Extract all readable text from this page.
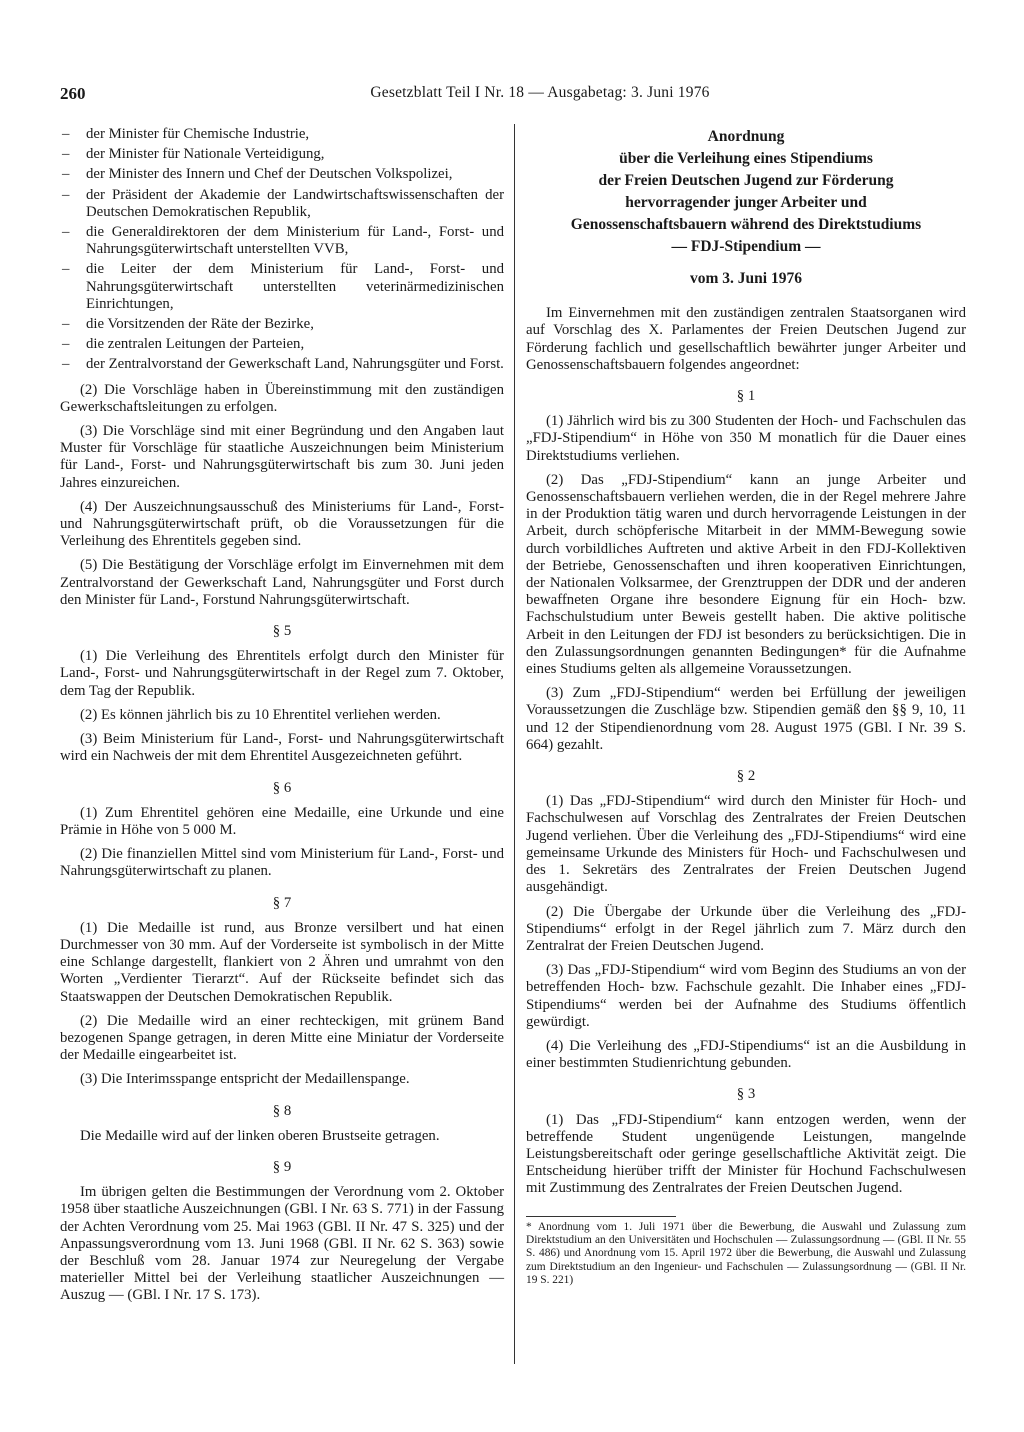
260	Gesetzblatt Teil I Nr. 18 — Ausgabetag: 3. Juni 1976
– der Minister für Chemische Industrie,
– der Minister für Nationale Verteidigung,
– der Minister des Innern und Chef der Deutschen Volkspolizei,
– der Präsident der Akademie der Landwirtschaftswissenschaften der Deutschen Demokratischen Republik,
– die Generaldirektoren der dem Ministerium für Land-, Forst- und Nahrungsgüterwirtschaft unterstellten VVB,
– die Leiter der dem Ministerium für Land-, Forst- und Nahrungsgüterwirtschaft unterstellten veterinärmedizinischen Einrichtungen,
– die Vorsitzenden der Räte der Bezirke,
– die zentralen Leitungen der Parteien,
– der Zentralvorstand der Gewerkschaft Land, Nahrungsgüter und Forst.

(2) Die Vorschläge haben in Übereinstimmung mit den zuständigen Gewerkschaftsleitungen zu erfolgen.

(3) Die Vorschläge sind mit einer Begründung und den Angaben laut Muster für Vorschläge für staatliche Auszeichnungen beim Ministerium für Land-, Forst- und Nahrungsgüterwirtschaft bis zum 30. Juni jeden Jahres einzureichen.

(4) Der Auszeichnungsausschuß des Ministeriums für Land-, Forst- und Nahrungsgüterwirtschaft prüft, ob die Voraussetzungen für die Verleihung des Ehrentitels gegeben sind.

(5) Die Bestätigung der Vorschläge erfolgt im Einvernehmen mit dem Zentralvorstand der Gewerkschaft Land, Nahrungsgüter und Forst durch den Minister für Land-, Forstund Nahrungsgüterwirtschaft.

§ 5

(1) Die Verleihung des Ehrentitels erfolgt durch den Minister für Land-, Forst- und Nahrungsgüterwirtschaft in der Regel zum 7. Oktober, dem Tag der Republik.

(2) Es können jährlich bis zu 10 Ehrentitel verliehen werden.

(3) Beim Ministerium für Land-, Forst- und Nahrungsgüterwirtschaft wird ein Nachweis der mit dem Ehrentitel Ausgezeichneten geführt.

§ 6

(1) Zum Ehrentitel gehören eine Medaille, eine Urkunde und eine Prämie in Höhe von 5 000 M.

(2) Die finanziellen Mittel sind vom Ministerium für Land-, Forst- und Nahrungsgüterwirtschaft zu planen.

§ 7

(1) Die Medaille ist rund, aus Bronze versilbert und hat einen Durchmesser von 30 mm. Auf der Vorderseite ist symbolisch in der Mitte eine Schlange dargestellt, flankiert von 2 Ähren und umrahmt von den Worten „Verdienter Tierarzt“. Auf der Rückseite befindet sich das Staatswappen der Deutschen Demokratischen Republik.

(2) Die Medaille wird an einer rechteckigen, mit grünem Band bezogenen Spange getragen, in deren Mitte eine Miniatur der Vorderseite der Medaille eingearbeitet ist.

(3) Die Interimsspange entspricht der Medaillenspange.

§ 8

Die Medaille wird auf der linken oberen Brustseite getragen.

§ 9

Im übrigen gelten die Bestimmungen der Verordnung vom 2. Oktober 1958 über staatliche Auszeichnungen (GBl. I Nr. 63 S. 771) in der Fassung der Achten Verordnung vom 25. Mai 1963 (GBl. II Nr. 47 S. 325) und der Anpassungsverordnung vom 13. Juni 1968 (GBl. II Nr. 62 S. 363) sowie der Beschluß vom 28. Januar 1974 zur Neuregelung der Vergabe materieller Mittel bei der Verleihung staatlicher Auszeichnungen — Auszug — (GBl. I Nr. 17 S. 173).

Anordnung
über die Verleihung eines Stipendiums
der Freien Deutschen Jugend zur Förderung
hervorragender junger Arbeiter und
Genossenschaftsbauern während des Direktstudiums
— FDJ-Stipendium —

vom 3. Juni 1976

Im Einvernehmen mit den zuständigen zentralen Staatsorganen wird auf Vorschlag des X. Parlamentes der Freien Deutschen Jugend zur Förderung fachlich und gesellschaftlich bewährter junger Arbeiter und Genossenschaftsbauern folgendes angeordnet:

§ 1

(1) Jährlich wird bis zu 300 Studenten der Hoch- und Fachschulen das „FDJ-Stipendium“ in Höhe von 350 M monatlich für die Dauer eines Direktstudiums verliehen.

(2) Das „FDJ-Stipendium“ kann an junge Arbeiter und Genossenschaftsbauern verliehen werden, die in der Regel mehrere Jahre in der Produktion tätig waren und durch hervorragende Leistungen in der Arbeit, durch schöpferische Mitarbeit in der MMM-Bewegung sowie durch vorbildliches Auftreten und aktive Arbeit in den FDJ-Kollektiven der Betriebe, Genossenschaften und ihren kooperativen Einrichtungen, der Nationalen Volksarmee, der Grenztruppen der DDR und der anderen bewaffneten Organe ihre besondere Eignung für ein Hoch- bzw. Fachschulstudium unter Beweis gestellt haben. Die aktive politische Arbeit in den Leitungen der FDJ ist besonders zu berücksichtigen. Die in den Zulassungsordnungen genannten Bedingungen* für die Aufnahme eines Studiums gelten als allgemeine Voraussetzungen.

(3) Zum „FDJ-Stipendium“ werden bei Erfüllung der jeweiligen Voraussetzungen die Zuschläge bzw. Stipendien gemäß den §§ 9, 10, 11 und 12 der Stipendienordnung vom 28. August 1975 (GBl. I Nr. 39 S. 664) gezahlt.

§ 2

(1) Das „FDJ-Stipendium“ wird durch den Minister für Hoch- und Fachschulwesen auf Vorschlag des Zentralrates der Freien Deutschen Jugend verliehen. Über die Verleihung des „FDJ-Stipendiums“ wird eine gemeinsame Urkunde des Ministers für Hoch- und Fachschulwesen und des 1. Sekretärs des Zentralrates der Freien Deutschen Jugend ausgehändigt.

(2) Die Übergabe der Urkunde über die Verleihung des „FDJ-Stipendiums“ erfolgt in der Regel jährlich zum 7. März durch den Zentralrat der Freien Deutschen Jugend.

(3) Das „FDJ-Stipendium“ wird vom Beginn des Studiums an von der betreffenden Hoch- bzw. Fachschule gezahlt. Die Inhaber eines „FDJ-Stipendiums“ werden bei der Aufnahme des Studiums öffentlich gewürdigt.

(4) Die Verleihung des „FDJ-Stipendiums“ ist an die Ausbildung in einer bestimmten Studienrichtung gebunden.

§ 3

(1) Das „FDJ-Stipendium“ kann entzogen werden, wenn der betreffende Student ungenügende Leistungen, mangelnde Leistungsbereitschaft oder geringe gesellschaftliche Aktivität zeigt. Die Entscheidung hierüber trifft der Minister für Hochund Fachschulwesen mit Zustimmung des Zentralrates der Freien Deutschen Jugend.

* Anordnung vom 1. Juli 1971 über die Bewerbung, die Auswahl und Zulassung zum Direktstudium an den Universitäten und Hochschulen — Zulassungsordnung — (GBl. II Nr. 55 S. 486) und Anordnung vom 15. April 1972 über die Bewerbung, die Auswahl und Zulassung zum Direktstudium an den Ingenieur- und Fachschulen — Zulassungsordnung — (GBl. II Nr. 19 S. 221)
